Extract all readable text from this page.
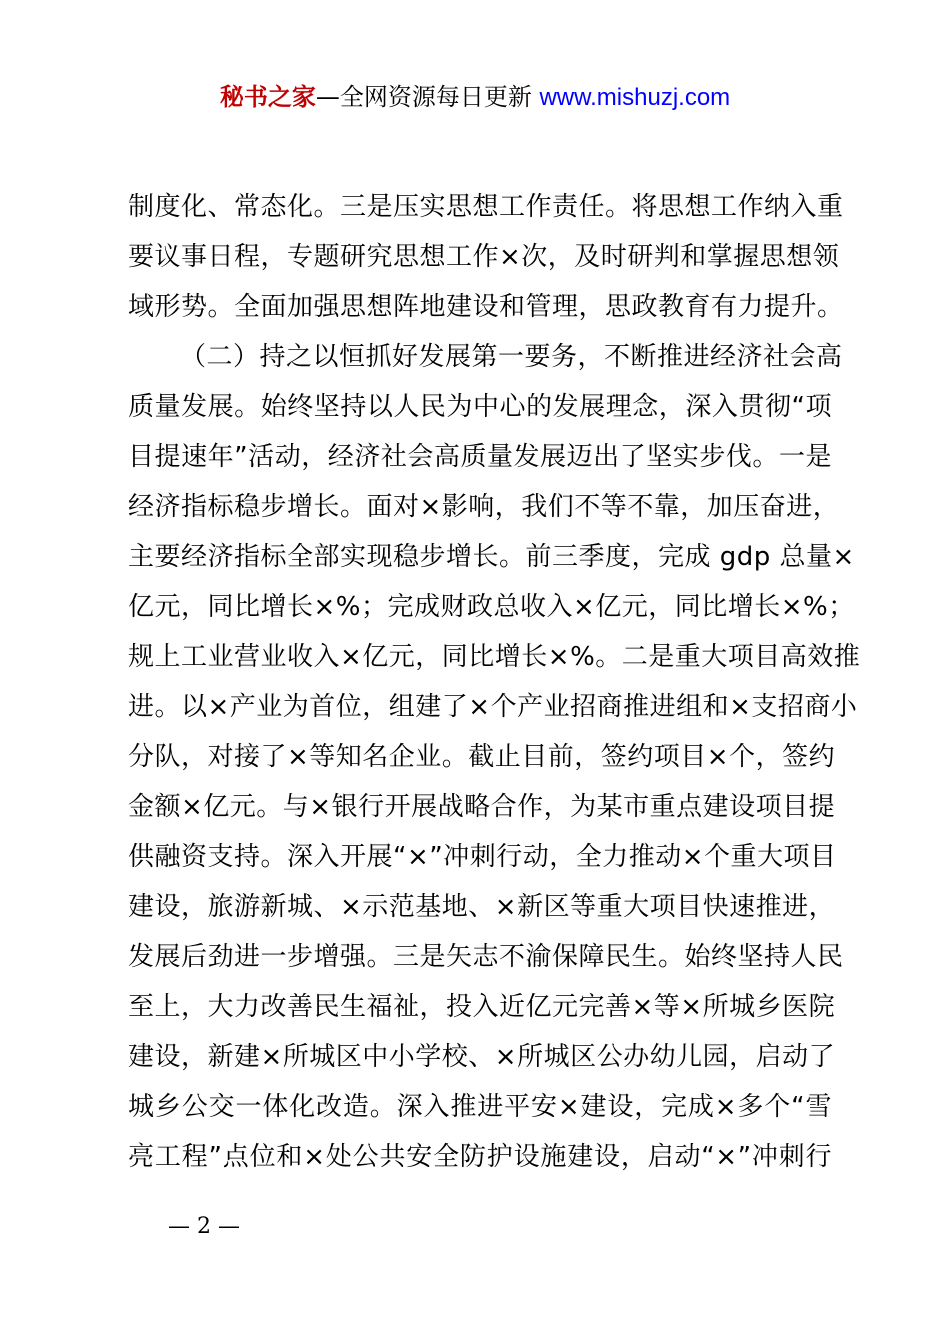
秘书之家—全网资源每日更新 www.mishuzj.com
制度化、常态化。三是压实思想工作责任。将思想工作纳入重
要议事日程，专题研究思想工作×次，及时研判和掌握思想领
域形势。全面加强思想阵地建设和管理，思政教育有力提升。
（二）持之以恒抓好发展第一要务，不断推进经济社会高
质量发展。始终坚持以人民为中心的发展理念，深入贯彻“项
目提速年”活动，经济社会高质量发展迈出了坚实步伐。一是
经济指标稳步增长。面对×影响，我们不等不靠，加压奋进，
主要经济指标全部实现稳步增长。前三季度，完成 gdp 总量×
亿元，同比增长×%；完成财政总收入×亿元，同比增长×%；
规上工业营业收入×亿元，同比增长×%。二是重大项目高效推
进。以×产业为首位，组建了×个产业招商推进组和×支招商小
分队，对接了×等知名企业。截止目前，签约项目×个，签约
金额×亿元。与×银行开展战略合作，为某市重点建设项目提
供融资支持。深入开展“×”冲刺行动，全力推动×个重大项目
建设，旅游新城、×示范基地、×新区等重大项目快速推进，
发展后劲进一步增强。三是矢志不渝保障民生。始终坚持人民
至上，大力改善民生福祉，投入近亿元完善×等×所城乡医院
建设，新建×所城区中小学校、×所城区公办幼儿园，启动了
城乡公交一体化改造。深入推进平安×建设，完成×多个“雪
亮工程”点位和×处公共安全防护设施建设，启动“×”冲刺行
— 2 —
